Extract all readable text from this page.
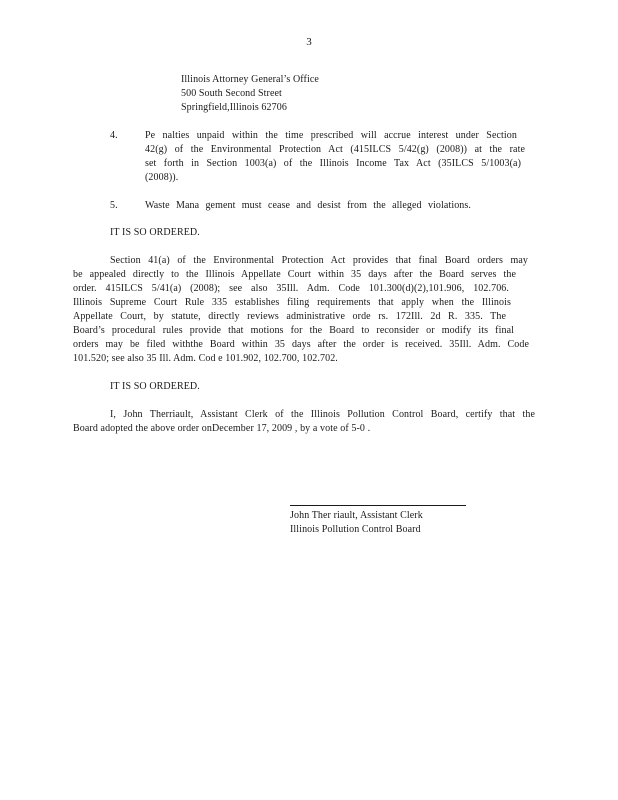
3
Illinois Attorney General’s Office
500 South Second Street
Springfield,Illinois 62706
4.	Pe nalties unpaid within the time prescribed will accrue interest under Section
42(g) of the Environmental Protection Act (415ILCS 5/42(g) (2008)) at the rate
set forth in Section 1003(a) of the Illinois Income Tax Act (35ILCS 5/1003(a)
(2008)).
5.	Waste Mana gement must cease and desist from the alleged violations.
IT IS SO ORDERED.
Section 41(a) of the Environmental Protection Act provides that final Board orders may
be appealed directly to the Illinois Appellate Court within 35 days after the Board serves the
order. 415ILCS 5/41(a) (2008); see also 35Ill. Adm. Code 101.300(d)(2),101.906, 102.706.
Illinois Supreme Court Rule 335 establishes filing requirements that apply when the Illinois
Appellate Court, by statute, directly reviews administrative orde rs. 172Ill. 2d R. 335. The
Board’s procedural rules provide that motions for the Board to reconsider or modify its final
orders may be filed withthe Board within 35 days after the order is received. 35Ill. Adm. Code
101.520; see also 35 Ill. Adm. Cod e 101.902, 102.700, 102.702.
IT IS SO ORDERED.
I, John Therriault, Assistant Clerk of the Illinois Pollution Control Board, certify that the
Board adopted the above order onDecember 17, 2009 , by a vote of 5-0 .
John Ther riault, Assistant Clerk
Illinois Pollution Control Board
